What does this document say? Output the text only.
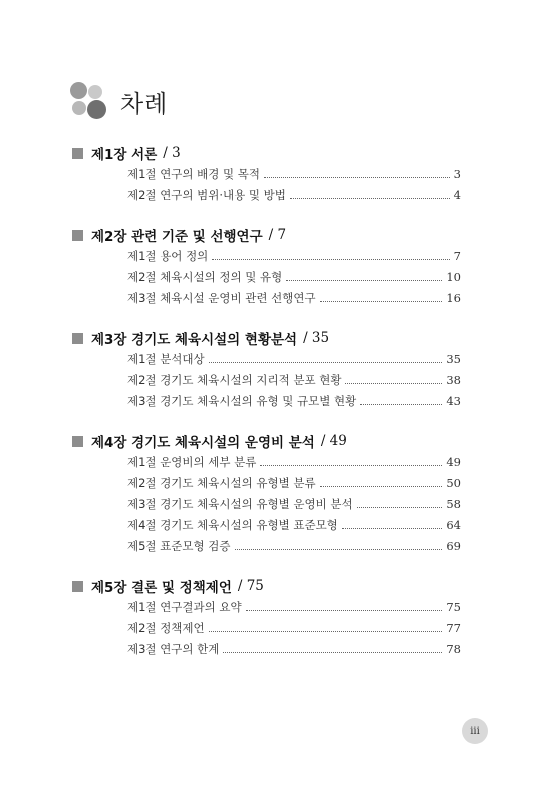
차례
제1장 서론 / 3
제1절 연구의 배경 및 목적	3
제2절 연구의 범위·내용 및 방법	4
제2장 관련 기준 및 선행연구 / 7
제1절 용어 정의	7
제2절 체육시설의 정의 및 유형	10
제3절 체육시설 운영비 관련 선행연구	16
제3장 경기도 체육시설의 현황분석 / 35
제1절 분석대상	35
제2절 경기도 체육시설의 지리적 분포 현황	38
제3절 경기도 체육시설의 유형 및 규모별 현황	43
제4장 경기도 체육시설의 운영비 분석 / 49
제1절 운영비의 세부 분류	49
제2절 경기도 체육시설의 유형별 분류	50
제3절 경기도 체육시설의 유형별 운영비 분석	58
제4절 경기도 체육시설의 유형별 표준모형	64
제5절 표준모형 검증	69
제5장 결론 및 정책제언 / 75
제1절 연구결과의 요약	75
제2절 정책제언	77
제3절 연구의 한계	78
iii
